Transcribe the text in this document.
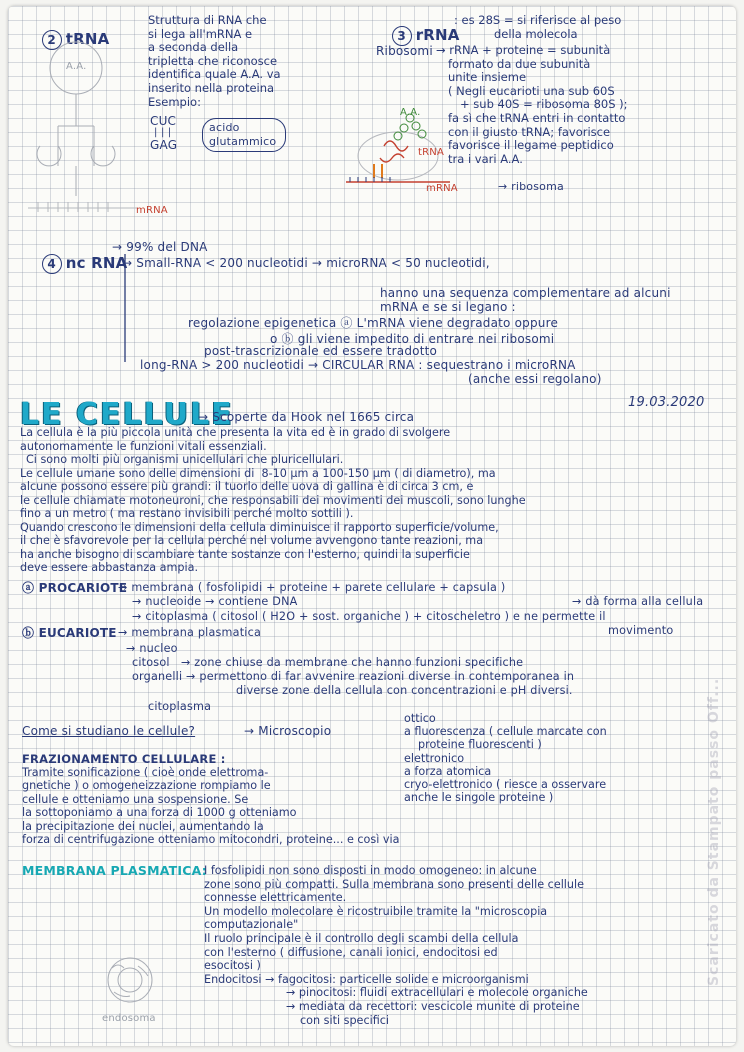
2 tRNA

A.A.
mRNA
Struttura di RNA che
si lega all'mRNA e
a seconda della
tripletta che riconosce
identifica quale A.A. va
inserito nella proteina
Esempio:
CUC
| | |
GAG
acido glutammico

3 rRNA

: es 28S = si riferisce al peso
della molecola
Ribosomi → rRNA + proteine = subunità
formato da due subunità
unite insieme
( Negli eucarioti una sub 60S
+ sub 40S = ribosoma 80S );
fa sì che tRNA entri in contatto
con il giusto tRNA; favorisce
favorisce il legame peptidico
tra i vari A.A.
A.A.
tRNA
mRNA	→ ribosoma

4 nc RNA

→ 99% del DNA
→ Small-RNA < 200 nucleotidi → microRNA < 50 nucleotidi,
hanno una sequenza complementare ad alcuni
mRNA e se si legano :
regolazione epigenetica ⓐ L'mRNA viene degradato oppure
o ⓑ gli viene impedito di entrare nei ribosomi
post-trascrizionale ed essere tradotto
long-RNA > 200 nucleotidi → CIRCULAR RNA : sequestrano i microRNA
(anche essi regolano)
LE CELLULE
→ Scoperte da Hook nel 1665 circa
19.03.2020
La cellula è la più piccola unità che presenta la vita ed è in grado di svolgere
autonomamente le funzioni vitali essenziali.
Ci sono molti più organismi unicellulari che pluricellulari.
Le cellule umane sono delle dimensioni di  8-10 μm a 100-150 μm ( di diametro), ma
alcune possono essere più grandi: il tuorlo delle uova di gallina è di circa 3 cm, e
le cellule chiamate motoneuroni, che responsabili dei movimenti dei muscoli, sono lunghe
fino a un metro ( ma restano invisibili perché molto sottili ).
Quando crescono le dimensioni della cellula diminuisce il rapporto superficie/volume,
il che è sfavorevole per la cellula perché nel volume avvengono tante reazioni, ma
ha anche bisogno di scambiare tante sostanze con l'esterno, quindi la superficie
deve essere abbastanza ampia.
ⓐ PROCARIOTE
→ membrana ( fosfolipidi + proteine + parete cellulare + capsula )
→ nucleoide → contiene DNA
→ citoplasma ( citosol ( H2O + sost. organiche ) + citoscheletro ) e ne permette il
→ dà forma alla cellula
movimento
ⓑ EUCARIOTE → membrana plasmatica
→ nucleo
citosol   → zone chiuse da membrane che hanno funzioni specifiche
organelli → permettono di far avvenire reazioni diverse in contemporanea in
diverse zone della cellula con concentrazioni e pH diversi.
citoplasma
Come si studiano le cellule?	→ Microscopio
ottico
a fluorescenza ( cellule marcate con
proteine fluorescenti )
elettronico
a forza atomica
cryo-elettronico ( riesce a osservare
anche le singole proteine )
FRAZIONAMENTO CELLULARE :
Tramite sonificazione ( cioè onde elettroma-
gnetiche ) o omogeneizzazione rompiamo le
cellule e otteniamo una sospensione. Se
la sottoponiamo a una forza di 1000 g otteniamo
la precipitazione dei nuclei, aumentando la
forza di centrifugazione otteniamo mitocondri, proteine... e così via
MEMBRANA PLASMATICA:
I fosfolipidi non sono disposti in modo omogeneo: in alcune
zone sono più compatti. Sulla membrana sono presenti delle cellule
connesse elettricamente.
Un modello molecolare è ricostruibile tramite la "microscopia
computazionale"
Il ruolo principale è il controllo degli scambi della cellula
con l'esterno ( diffusione, canali ionici, endocitosi ed
esocitosi )
Endocitosi → fagocitosi: particelle solide e microorganismi
→ pinocitosi: fluidi extracellulari e molecole organiche
→ mediata da recettori: vescicole munite di proteine
con siti specifici
endosoma
Scaricato da Stampato passo Off...
